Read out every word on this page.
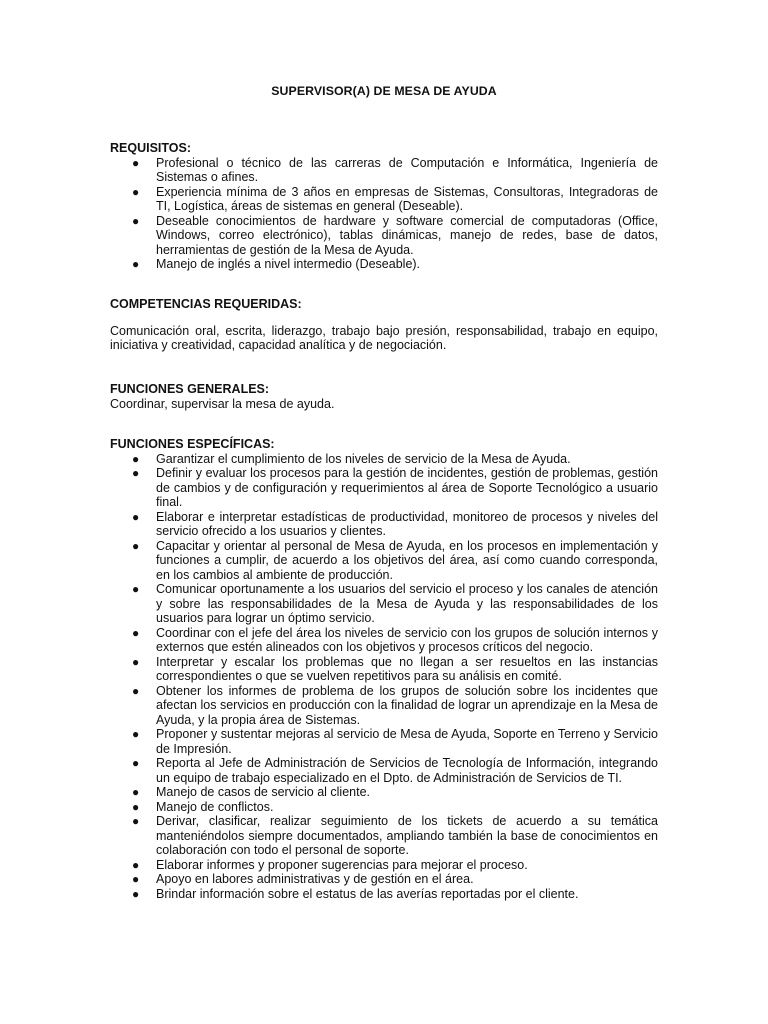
SUPERVISOR(A) DE MESA DE AYUDA

REQUISITOS:

● Profesional o técnico de las carreras de Computación e Informática, Ingeniería de Sistemas o afines.
● Experiencia mínima de 3 años en empresas de Sistemas, Consultoras, Integradoras de TI, Logística, áreas de sistemas en general (Deseable).
● Deseable conocimientos de hardware y software comercial de computadoras (Office, Windows, correo electrónico), tablas dinámicas, manejo de redes, base de datos, herramientas de gestión de la Mesa de Ayuda.
● Manejo de inglés a nivel intermedio (Deseable).

COMPETENCIAS REQUERIDAS:

Comunicación oral, escrita, liderazgo, trabajo bajo presión, responsabilidad, trabajo en equipo, iniciativa y creatividad, capacidad analítica y de negociación.

FUNCIONES GENERALES:

Coordinar, supervisar la mesa de ayuda.

FUNCIONES ESPECÍFICAS:

● Garantizar el cumplimiento de los niveles de servicio de la Mesa de Ayuda.
● Definir y evaluar los procesos para la gestión de incidentes, gestión de problemas, gestión de cambios y de configuración y requerimientos al área de Soporte Tecnológico a usuario final.
● Elaborar e interpretar estadísticas de productividad, monitoreo de procesos y niveles del servicio ofrecido a los usuarios y clientes.
● Capacitar y orientar al personal de Mesa de Ayuda, en los procesos en implementación y funciones a cumplir, de acuerdo a los objetivos del área, así como cuando corresponda, en los cambios al ambiente de producción.
● Comunicar oportunamente a los usuarios del servicio el proceso y los canales de atención y sobre las responsabilidades de la Mesa de Ayuda y las responsabilidades de los usuarios para lograr un óptimo servicio.
● Coordinar con el jefe del área los niveles de servicio con los grupos de solución internos y externos que estén alineados con los objetivos y procesos críticos del negocio.
● Interpretar y escalar los problemas que no llegan a ser resueltos en las instancias correspondientes o que se vuelven repetitivos para su análisis en comité.
● Obtener los informes de problema de los grupos de solución sobre los incidentes que afectan los servicios en producción con la finalidad de lograr un aprendizaje en la Mesa de Ayuda, y la propia área de Sistemas.
● Proponer y sustentar mejoras al servicio de Mesa de Ayuda, Soporte en Terreno y Servicio de Impresión.
● Reporta al Jefe de Administración de Servicios de Tecnología de Información, integrando un equipo de trabajo especializado en el Dpto. de Administración de Servicios de TI.
● Manejo de casos de servicio al cliente.
● Manejo de conflictos.
● Derivar, clasificar, realizar seguimiento de los tickets de acuerdo a su temática manteniéndolos siempre documentados, ampliando también la base de conocimientos en colaboración con todo el personal de soporte.
● Elaborar informes y proponer sugerencias para mejorar el proceso.
● Apoyo en labores administrativas y de gestión en el área.
● Brindar información sobre el estatus de las averías reportadas por el cliente.
